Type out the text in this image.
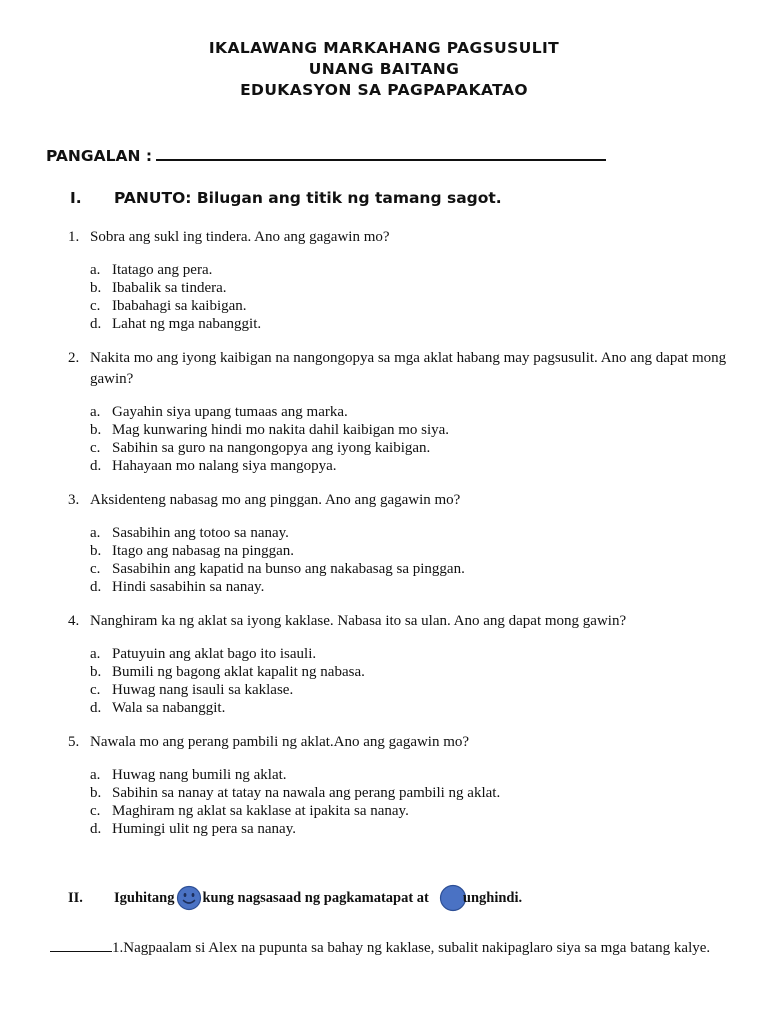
IKALAWANG MARKAHANG PAGSUSULIT
UNANG BAITANG
EDUKASYON SA PAGPAPAKATAO
PANGALAN :
I. PANUTO: Bilugan ang titik ng tamang sagot.
1. Sobra ang sukl ing tindera. Ano ang gagawin mo?
a. Itatago ang pera.
b. Ibabalik sa tindera.
c. Ibabahagi sa kaibigan.
d. Lahat ng mga nabanggit.
2. Nakita mo ang iyong kaibigan na nangongopya sa mga aklat habang may pagsusulit. Ano ang dapat mong gawin?
a. Gayahin siya upang tumaas ang marka.
b. Mag kunwaring hindi mo nakita dahil kaibigan mo siya.
c. Sabihin sa guro na nangongopya ang iyong kaibigan.
d. Hahayaan mo nalang siya mangopya.
3. Aksidenteng nabasag mo ang pinggan. Ano ang gagawin mo?
a. Sasabihin ang totoo sa nanay.
b. Itago ang nabasag na pinggan.
c. Sasabihin ang kapatid na bunso ang nakabasag sa pinggan.
d. Hindi sasabihin sa nanay.
4. Nanghiram ka ng aklat sa iyong kaklase. Nabasa ito sa ulan. Ano ang dapat mong gawin?
a. Patuyuin ang aklat bago ito isauli.
b. Bumili ng bagong aklat kapalit ng nabasa.
c. Huwag nang isauli sa kaklase.
d. Wala sa nabanggit.
5. Nawala mo ang perang pambili ng aklat.Ano ang gagawin mo?
a. Huwag nang bumili ng aklat.
b. Sabihin sa nanay at tatay na nawala ang perang pambili ng aklat.
c. Maghiram ng aklat sa kaklase at ipakita sa nanay.
d. Humingi ulit ng pera sa nanay.
II.	Iguhitang kung nagsasaad ng pagkamatapat at unghindi.
1.Nagpaalam si Alex na pupunta sa bahay ng kaklase, subalit nakipaglaro siya sa mga batang kalye.
